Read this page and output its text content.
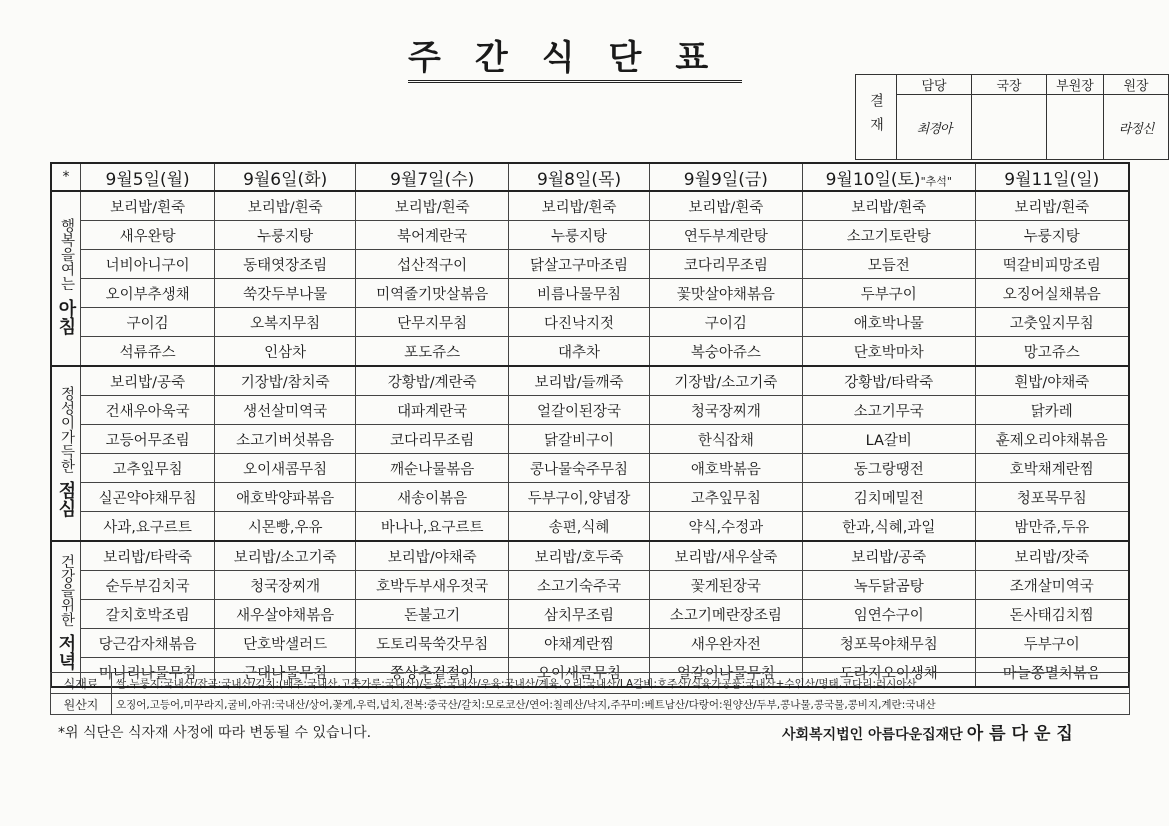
주간식단표
결재	담당	국장	부원장	원장
	최경아			라정신
*	9월5일(월)	9월6일(화)	9월7일(수)	9월8일(목)	9월9일(금)	9월10일(토)"추석"	9월11일(일)
행복을여는
아침	보리밥/흰죽	보리밥/흰죽	보리밥/흰죽	보리밥/흰죽	보리밥/흰죽	보리밥/흰죽	보리밥/흰죽
	새우완탕	누룽지탕	북어계란국	누룽지탕	연두부계란탕	소고기토란탕	누룽지탕
	너비아니구이	동태엿장조림	섭산적구이	닭살고구마조림	코다리무조림	모듬전	떡갈비피망조림
	오이부추생채	쑥갓두부나물	미역줄기맛살볶음	비름나물무침	꽃맛살야채볶음	두부구이	오징어실채볶음
	구이김	오복지무침	단무지무침	다진낙지젓	구이김	애호박나물	고춧잎지무침
	석류쥬스	인삼차	포도쥬스	대추차	복숭아쥬스	단호박마차	망고쥬스
정성이가득한
점심	보리밥/공죽	기장밥/참치죽	강황밥/계란죽	보리밥/들깨죽	기장밥/소고기죽	강황밥/타락죽	흰밥/야채죽
	건새우아욱국	생선살미역국	대파계란국	얼갈이된장국	청국장찌개	소고기무국	닭카레
	고등어무조림	소고기버섯볶음	코다리무조림	닭갈비구이	한식잡채	LA갈비	훈제오리야채볶음
	고추잎무침	오이새콤무침	깨순나물볶음	콩나물숙주무침	애호박볶음	동그랑땡전	호박채계란찜
	실곤약야채무침	애호박양파볶음	새송이볶음	두부구이,양념장	고추잎무침	김치메밀전	청포묵무침
	사과,요구르트	시몬빵,우유	바나나,요구르트	송편,식혜	약식,수정과	한과,식혜,과일	밤만쥬,두유
건강을위한
저녁	보리밥/타락죽	보리밥/소고기죽	보리밥/야채죽	보리밥/호두죽	보리밥/새우살죽	보리밥/공죽	보리밥/잣죽
	순두부김치국	청국장찌개	호박두부새우젓국	소고기숙주국	꽃게된장국	녹두닭곰탕	조개살미역국
	갈치호박조림	새우살야채볶음	돈불고기	삼치무조림	소고기메란장조림	임연수구이	돈사태김치찜
	당근감자채볶음	단호박샐러드	도토리묵쑥갓무침	야채계란찜	새우완자전	청포묵야채무침	두부구이
	미니리나물무침	근대나물무침	쫑상추겉절이	오이새콤무침	얼갈이나물무침	도라지오이생채	마늘쫑멸치볶음
식재료	쌀,누룽지:국내산/잡곡:국내산/김치:(배추:국내산,고춧가루:국내산)/돈육:국내산/우육:국내산/계육,오리:국내산/LA갈비:호주산/식육가공품:국내산+수입산/명태,코다리:러시아산
원산지	오징어,고등어,미꾸라지,굴비,아귀:국내산/상어,꽃게,우럭,넙치,전복:중국산/갈치:모로코산/연어:칠레산/낙지,주꾸미:베트남산/다랑어:원양산/두부,콩나물,콩국물,콩비지,계란:국내산
*위 식단은 식자재 사정에 따라 변동될 수 있습니다.	사회복지법인 아름다운집재단 아름다운집
